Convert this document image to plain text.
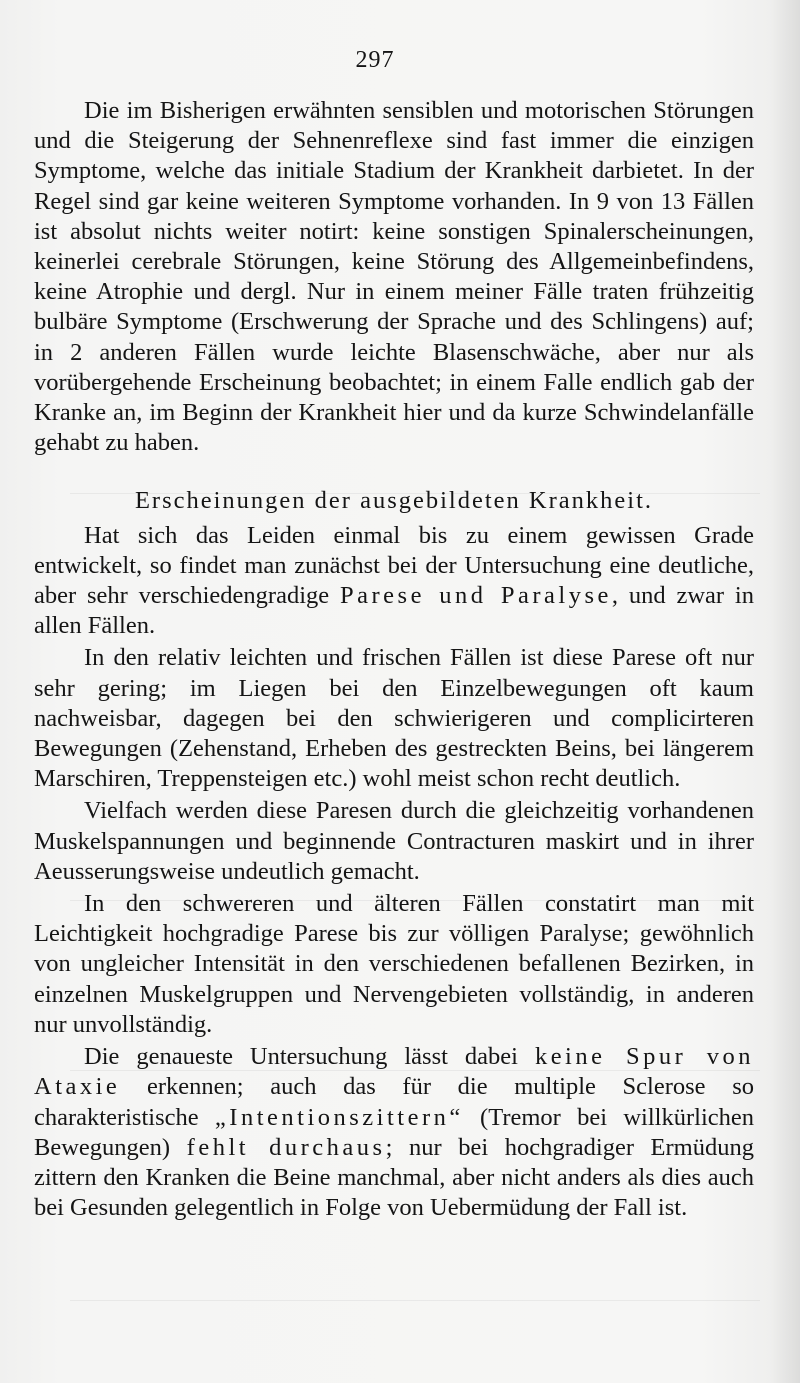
297

Die im Bisherigen erwähnten sensiblen und motorischen Störungen und die Steigerung der Sehnenreflexe sind fast immer die einzigen Symptome, welche das initiale Stadium der Krankheit darbietet. In der Regel sind gar keine weiteren Symptome vorhanden. In 9 von 13 Fällen ist absolut nichts weiter notirt: keine sonstigen Spinalerscheinungen, keinerlei cerebrale Störungen, keine Störung des Allgemeinbefindens, keine Atrophie und dergl. Nur in einem meiner Fälle traten frühzeitig bulbäre Symptome (Erschwerung der Sprache und des Schlingens) auf; in 2 anderen Fällen wurde leichte Blasenschwäche, aber nur als vorübergehende Erscheinung beobachtet; in einem Falle endlich gab der Kranke an, im Beginn der Krankheit hier und da kurze Schwindelanfälle gehabt zu haben.

Erscheinungen der ausgebildeten Krankheit.

Hat sich das Leiden einmal bis zu einem gewissen Grade entwickelt, so findet man zunächst bei der Untersuchung eine deutliche, aber sehr verschiedengradige Parese und Paralyse, und zwar in allen Fällen.

In den relativ leichten und frischen Fällen ist diese Parese oft nur sehr gering; im Liegen bei den Einzelbewegungen oft kaum nachweisbar, dagegen bei den schwierigeren und complicirteren Bewegungen (Zehenstand, Erheben des gestreckten Beins, bei längerem Marschiren, Treppensteigen etc.) wohl meist schon recht deutlich.

Vielfach werden diese Paresen durch die gleichzeitig vorhandenen Muskelspannungen und beginnende Contracturen maskirt und in ihrer Aeusserungsweise undeutlich gemacht.

In den schwereren und älteren Fällen constatirt man mit Leichtigkeit hochgradige Parese bis zur völligen Paralyse; gewöhnlich von ungleicher Intensität in den verschiedenen befallenen Bezirken, in einzelnen Muskelgruppen und Nervengebieten vollständig, in anderen nur unvollständig.

Die genaueste Untersuchung lässt dabei keine Spur von Ataxie erkennen; auch das für die multiple Sclerose so charakteristische „Intentionszittern“ (Tremor bei willkürlichen Bewegungen) fehlt durchaus; nur bei hochgradiger Ermüdung zittern den Kranken die Beine manchmal, aber nicht anders als dies auch bei Gesunden gelegentlich in Folge von Uebermüdung der Fall ist.
